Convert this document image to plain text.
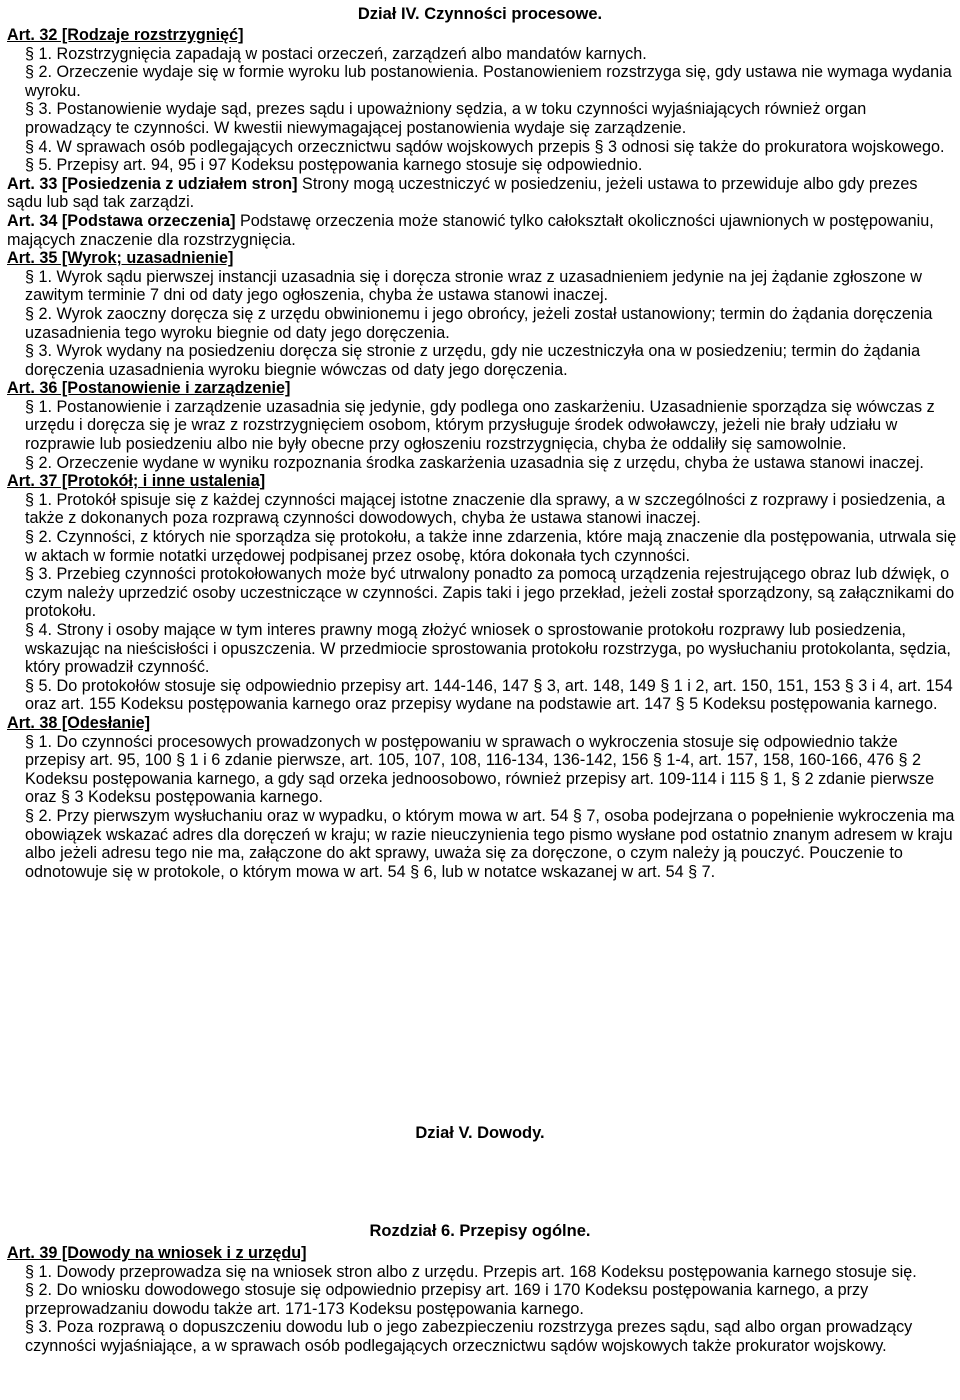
Dział IV. Czynności procesowe.

Art. 32 [Rodzaje rozstrzygnięć]

§ 1. Rozstrzygnięcia zapadają w postaci orzeczeń, zarządzeń albo mandatów karnych.

§ 2. Orzeczenie wydaje się w formie wyroku lub postanowienia. Postanowieniem rozstrzyga się, gdy ustawa nie wymaga wydania wyroku.

§ 3. Postanowienie wydaje sąd, prezes sądu i upoważniony sędzia, a w toku czynności wyjaśniających również organ prowadzący te czynności. W kwestii niewymagającej postanowienia wydaje się zarządzenie.

§ 4. W sprawach osób podlegających orzecznictwu sądów wojskowych przepis § 3 odnosi się także do prokuratora wojskowego.

§ 5. Przepisy art. 94, 95 i 97 Kodeksu postępowania karnego stosuje się odpowiednio.

Art. 33 [Posiedzenia z udziałem stron] Strony mogą uczestniczyć w posiedzeniu, jeżeli ustawa to przewiduje albo gdy prezes sądu lub sąd tak zarządzi.

Art. 34 [Podstawa orzeczenia] Podstawę orzeczenia może stanowić tylko całokształt okoliczności ujawnionych w postępowaniu, mających znaczenie dla rozstrzygnięcia.

Art. 35 [Wyrok; uzasadnienie]

§ 1. Wyrok sądu pierwszej instancji uzasadnia się i doręcza stronie wraz z uzasadnieniem jedynie na jej żądanie zgłoszone w zawitym terminie 7 dni od daty jego ogłoszenia, chyba że ustawa stanowi inaczej.

§ 2. Wyrok zaoczny doręcza się z urzędu obwinionemu i jego obrońcy, jeżeli został ustanowiony; termin do żądania doręczenia uzasadnienia tego wyroku biegnie od daty jego doręczenia.

§ 3. Wyrok wydany na posiedzeniu doręcza się stronie z urzędu, gdy nie uczestniczyła ona w posiedzeniu; termin do żądania doręczenia uzasadnienia wyroku biegnie wówczas od daty jego doręczenia.

Art. 36 [Postanowienie i zarządzenie]

§ 1. Postanowienie i zarządzenie uzasadnia się jedynie, gdy podlega ono zaskarżeniu. Uzasadnienie sporządza się wówczas z urzędu i doręcza się je wraz z rozstrzygnięciem osobom, którym przysługuje środek odwoławczy, jeżeli nie brały udziału w rozprawie lub posiedzeniu albo nie były obecne przy ogłoszeniu rozstrzygnięcia, chyba że oddaliły się samowolnie.

§ 2. Orzeczenie wydane w wyniku rozpoznania środka zaskarżenia uzasadnia się z urzędu, chyba że ustawa stanowi inaczej.

Art. 37 [Protokół; i inne ustalenia]

§ 1. Protokół spisuje się z każdej czynności mającej istotne znaczenie dla sprawy, a w szczególności z rozprawy i posiedzenia, a także z dokonanych poza rozprawą czynności dowodowych, chyba że ustawa stanowi inaczej.

§ 2. Czynności, z których nie sporządza się protokołu, a także inne zdarzenia, które mają znaczenie dla postępowania, utrwala się w aktach w formie notatki urzędowej podpisanej przez osobę, która dokonała tych czynności.

§ 3. Przebieg czynności protokołowanych może być utrwalony ponadto za pomocą urządzenia rejestrującego obraz lub dźwięk, o czym należy uprzedzić osoby uczestniczące w czynności. Zapis taki i jego przekład, jeżeli został sporządzony, są załącznikami do protokołu.

§ 4. Strony i osoby mające w tym interes prawny mogą złożyć wniosek o sprostowanie protokołu rozprawy lub posiedzenia, wskazując na nieścisłości i opuszczenia. W przedmiocie sprostowania protokołu rozstrzyga, po wysłuchaniu protokolanta, sędzia, który prowadził czynność.

§ 5. Do protokołów stosuje się odpowiednio przepisy art. 144-146, 147 § 3, art. 148, 149 § 1 i 2, art. 150, 151, 153 § 3 i 4, art. 154 oraz art. 155 Kodeksu postępowania karnego oraz przepisy wydane na podstawie art. 147 § 5 Kodeksu postępowania karnego.

Art. 38 [Odesłanie]

§ 1. Do czynności procesowych prowadzonych w postępowaniu w sprawach o wykroczenia stosuje się odpowiednio także przepisy art. 95, 100 § 1 i 6 zdanie pierwsze, art. 105, 107, 108, 116-134, 136-142, 156 § 1-4, art. 157, 158, 160-166, 476 § 2 Kodeksu postępowania karnego, a gdy sąd orzeka jednoosobowo, również przepisy art. 109-114 i 115 § 1, § 2 zdanie pierwsze oraz § 3 Kodeksu postępowania karnego.

§ 2. Przy pierwszym wysłuchaniu oraz w wypadku, o którym mowa w art. 54 § 7, osoba podejrzana o popełnienie wykroczenia ma obowiązek wskazać adres dla doręczeń w kraju; w razie nieuczynienia tego pismo wysłane pod ostatnio znanym adresem w kraju albo jeżeli adresu tego nie ma, załączone do akt sprawy, uważa się za doręczone, o czym należy ją pouczyć. Pouczenie to odnotowuje się w protokole, o którym mowa w art. 54 § 6, lub w notatce wskazanej w art. 54 § 7.

Dział V. Dowody.
Rozdział 6. Przepisy ogólne.

Art. 39 [Dowody na wniosek i z urzędu]

§ 1. Dowody przeprowadza się na wniosek stron albo z urzędu. Przepis art. 168 Kodeksu postępowania karnego stosuje się.

§ 2. Do wniosku dowodowego stosuje się odpowiednio przepisy art. 169 i 170 Kodeksu postępowania karnego, a przy przeprowadzaniu dowodu także art. 171-173 Kodeksu postępowania karnego.

§ 3. Poza rozprawą o dopuszczeniu dowodu lub o jego zabezpieczeniu rozstrzyga prezes sądu, sąd albo organ prowadzący czynności wyjaśniające, a w sprawach osób podlegających orzecznictwu sądów wojskowych także prokurator wojskowy.
